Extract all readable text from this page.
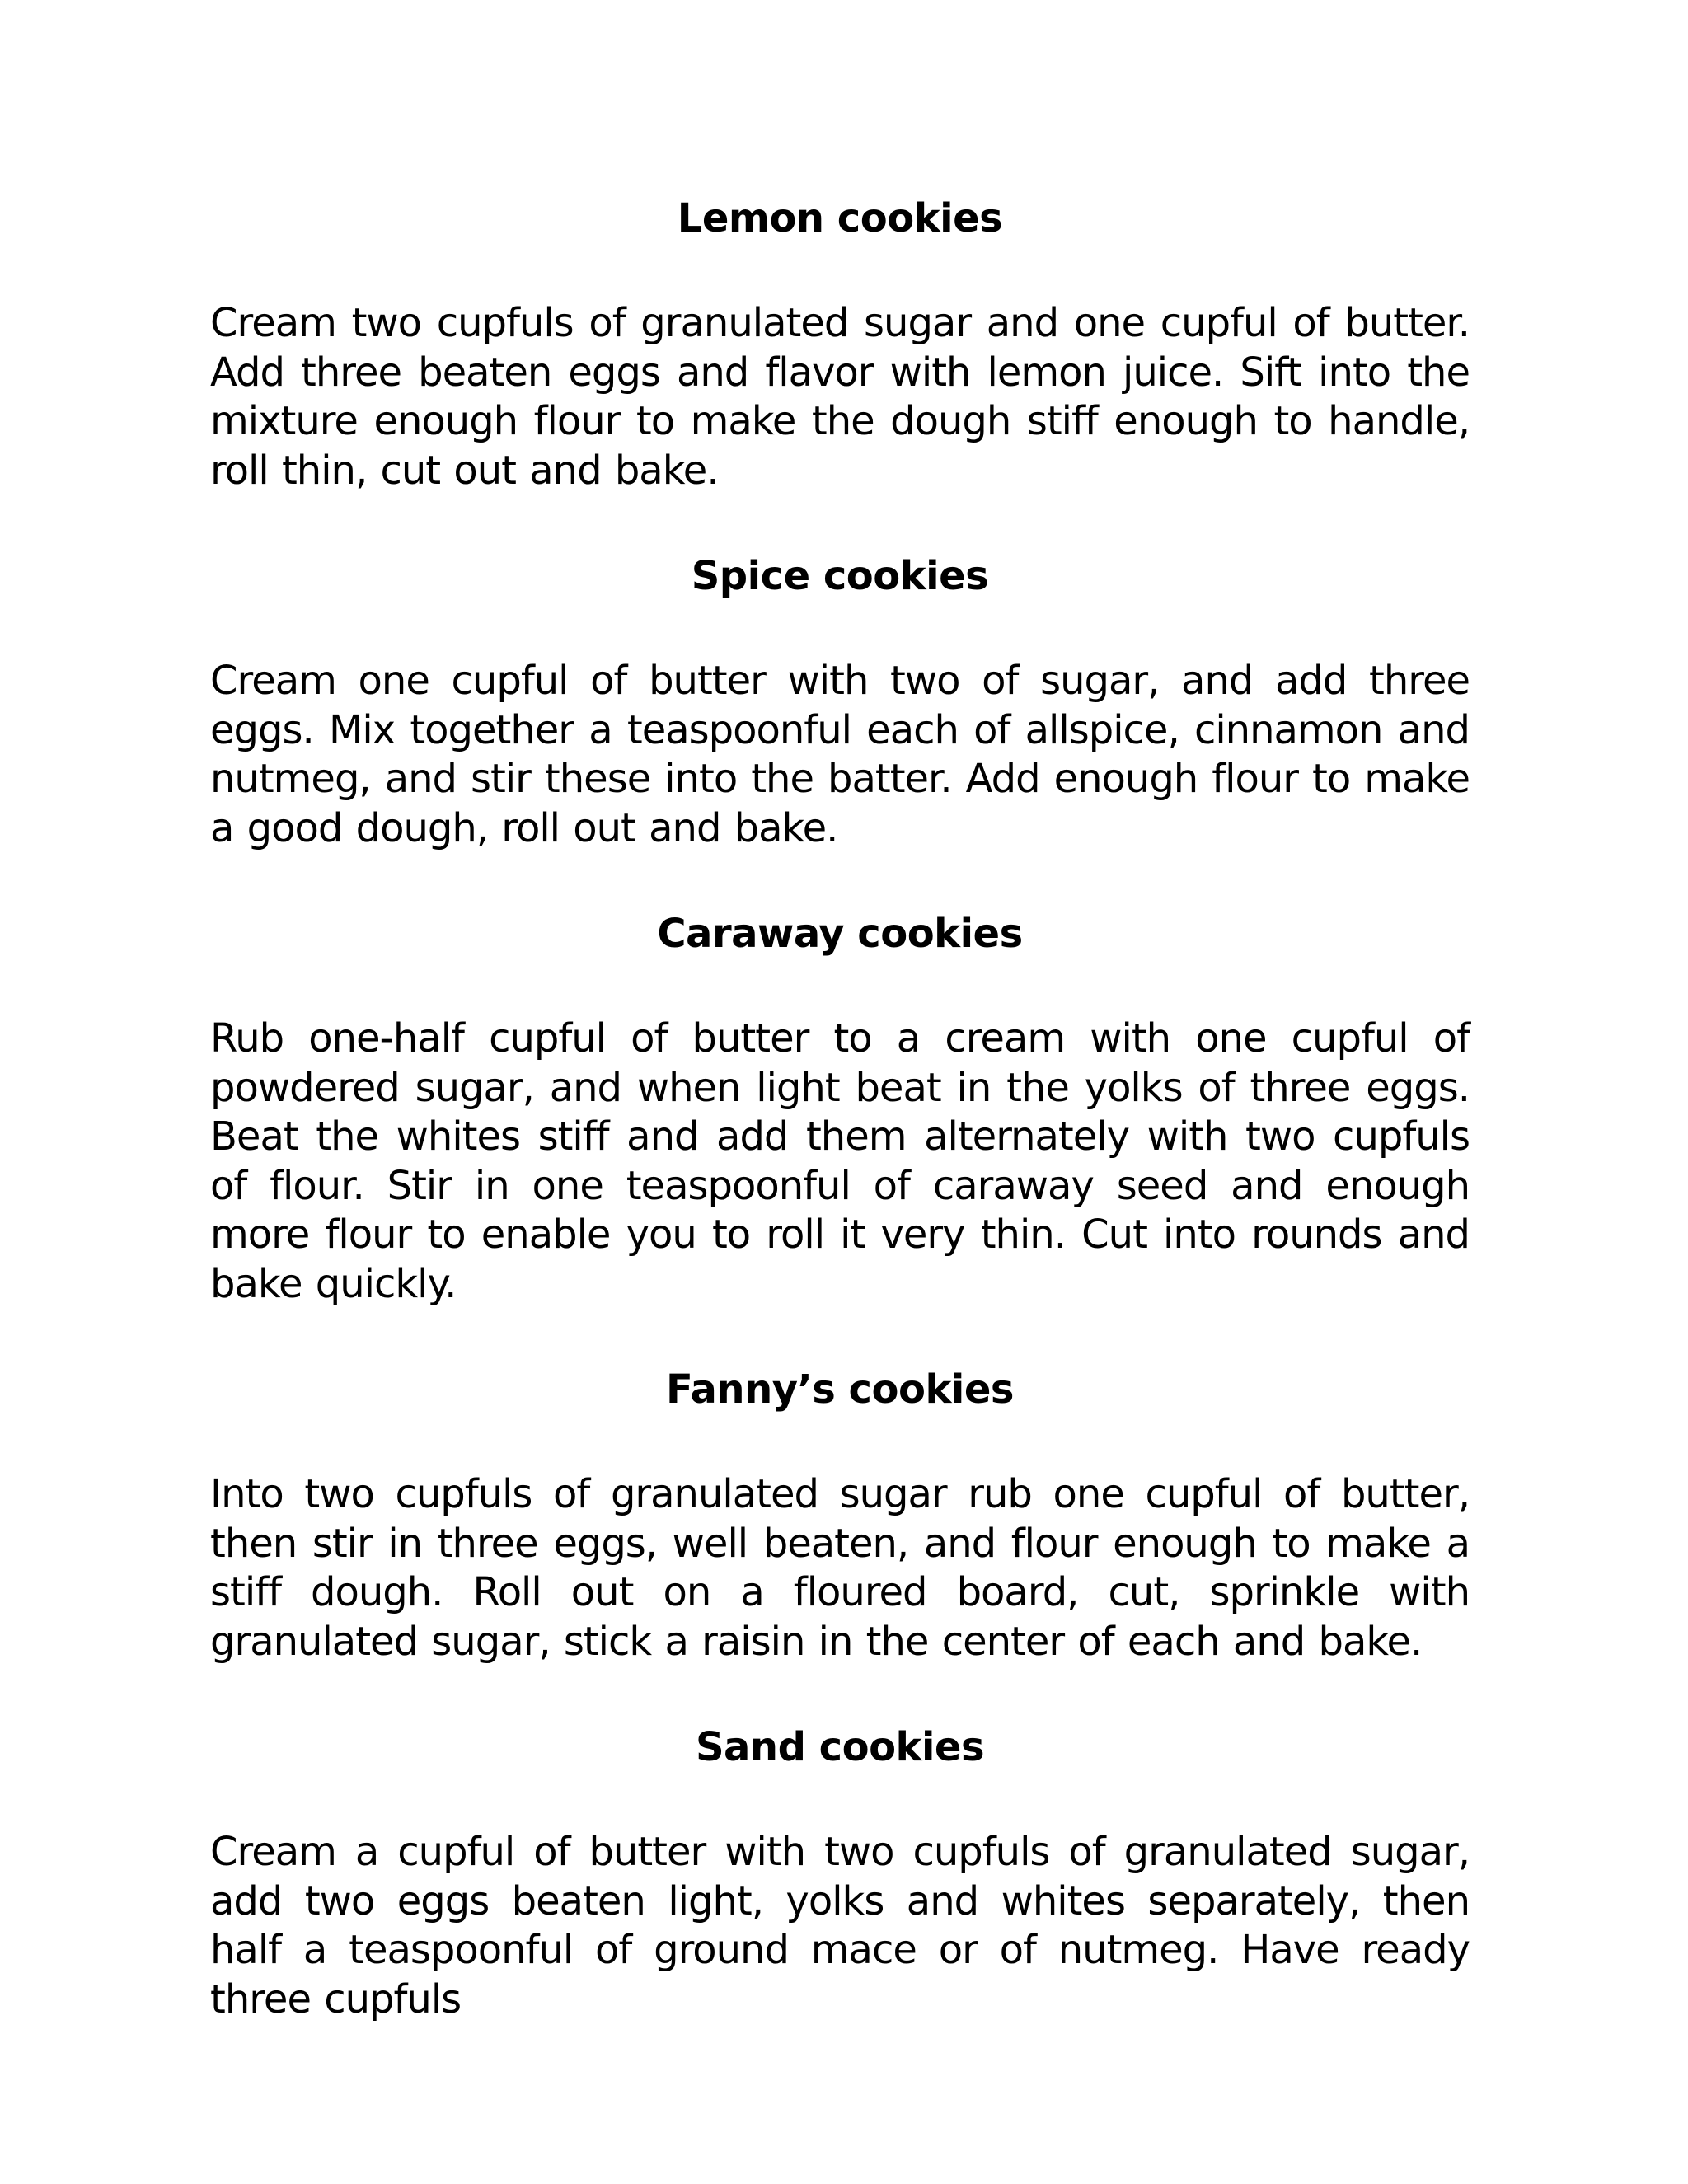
Lemon cookies

Cream two cupfuls of granulated sugar and one cupful of butter. Add three beaten eggs and flavor with lemon juice. Sift into the mixture enough flour to make the dough stiff enough to handle, roll thin, cut out and bake.

Spice cookies

Cream one cupful of butter with two of sugar, and add three eggs. Mix together a teaspoonful each of allspice, cinnamon and nutmeg, and stir these into the batter. Add enough flour to make a good dough, roll out and bake.

Caraway cookies

Rub one-half cupful of butter to a cream with one cupful of powdered sugar, and when light beat in the yolks of three eggs. Beat the whites stiff and add them alternately with two cupfuls of flour. Stir in one teaspoonful of caraway seed and enough more flour to enable you to roll it very thin. Cut into rounds and bake quickly.

Fanny’s cookies

Into two cupfuls of granulated sugar rub one cupful of butter, then stir in three eggs, well beaten, and flour enough to make a stiff dough. Roll out on a floured board, cut, sprinkle with granulated sugar, stick a raisin in the center of each and bake.

Sand cookies

Cream a cupful of butter with two cupfuls of granulated sugar, add two eggs beaten light, yolks and whites separately, then half a teaspoonful of ground mace or of nutmeg. Have ready three cupfuls
